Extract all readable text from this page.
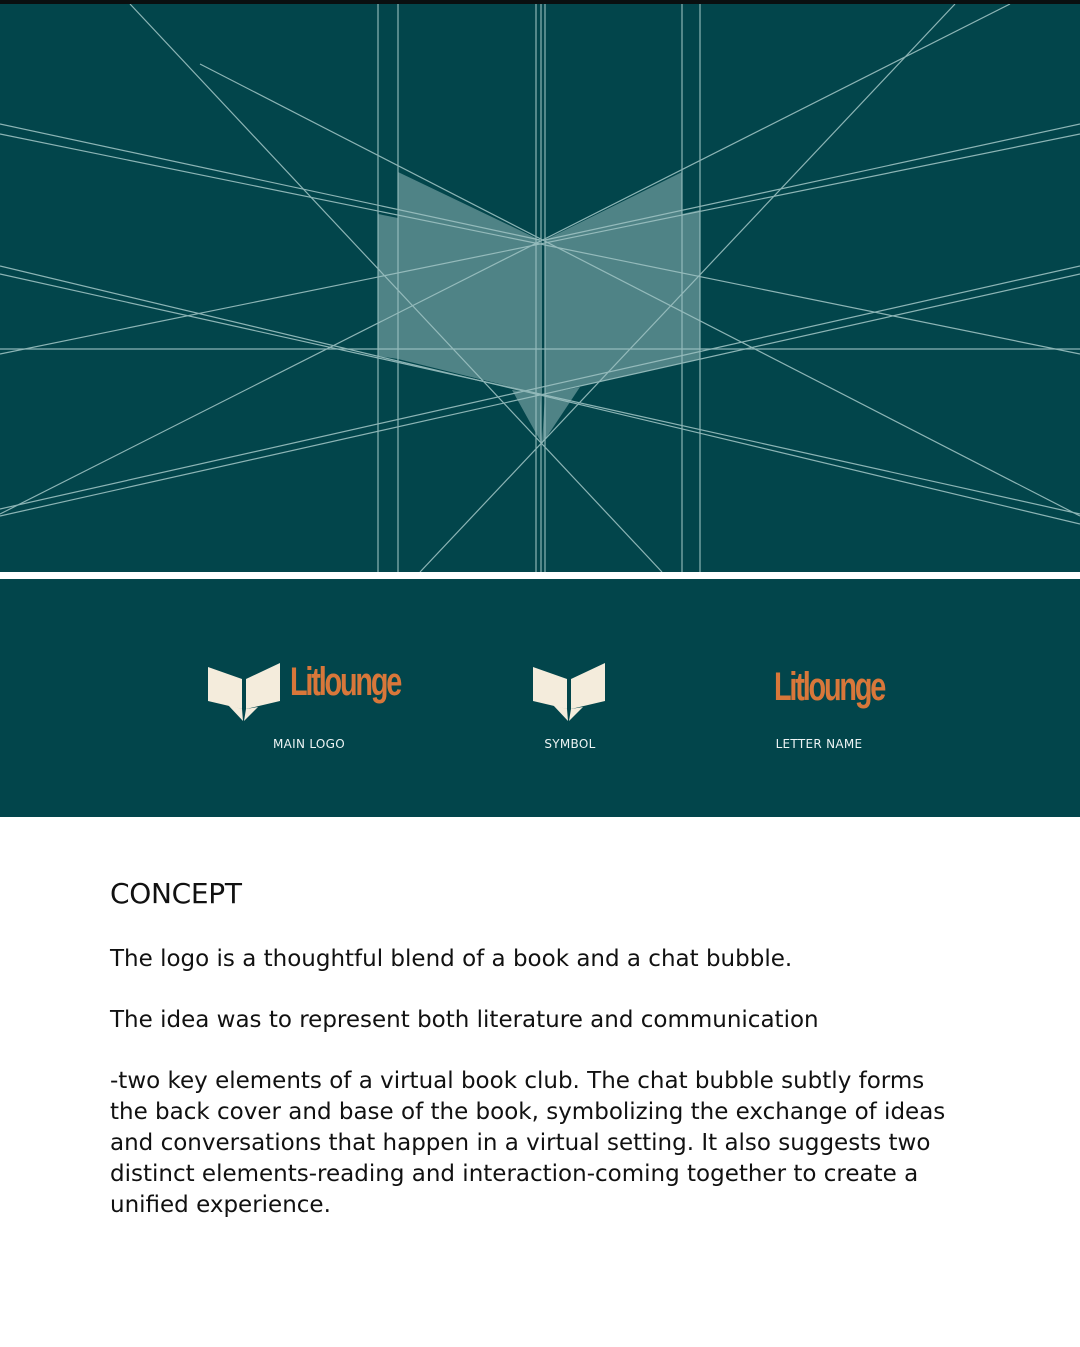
Litlounge
MAIN LOGO	SYMBOL
Litlounge
LETTER NAME
CONCEPT

The logo is a thoughtful blend of a book and a chat bubble.

The idea was to represent both literature and communication

-two key elements of a virtual book club. The chat bubble subtly forms the back cover and base of the book, symbolizing the exchange of ideas and conversations that happen in a virtual setting. It also suggests two distinct elements-reading and interaction-coming together to create a unified experience.
